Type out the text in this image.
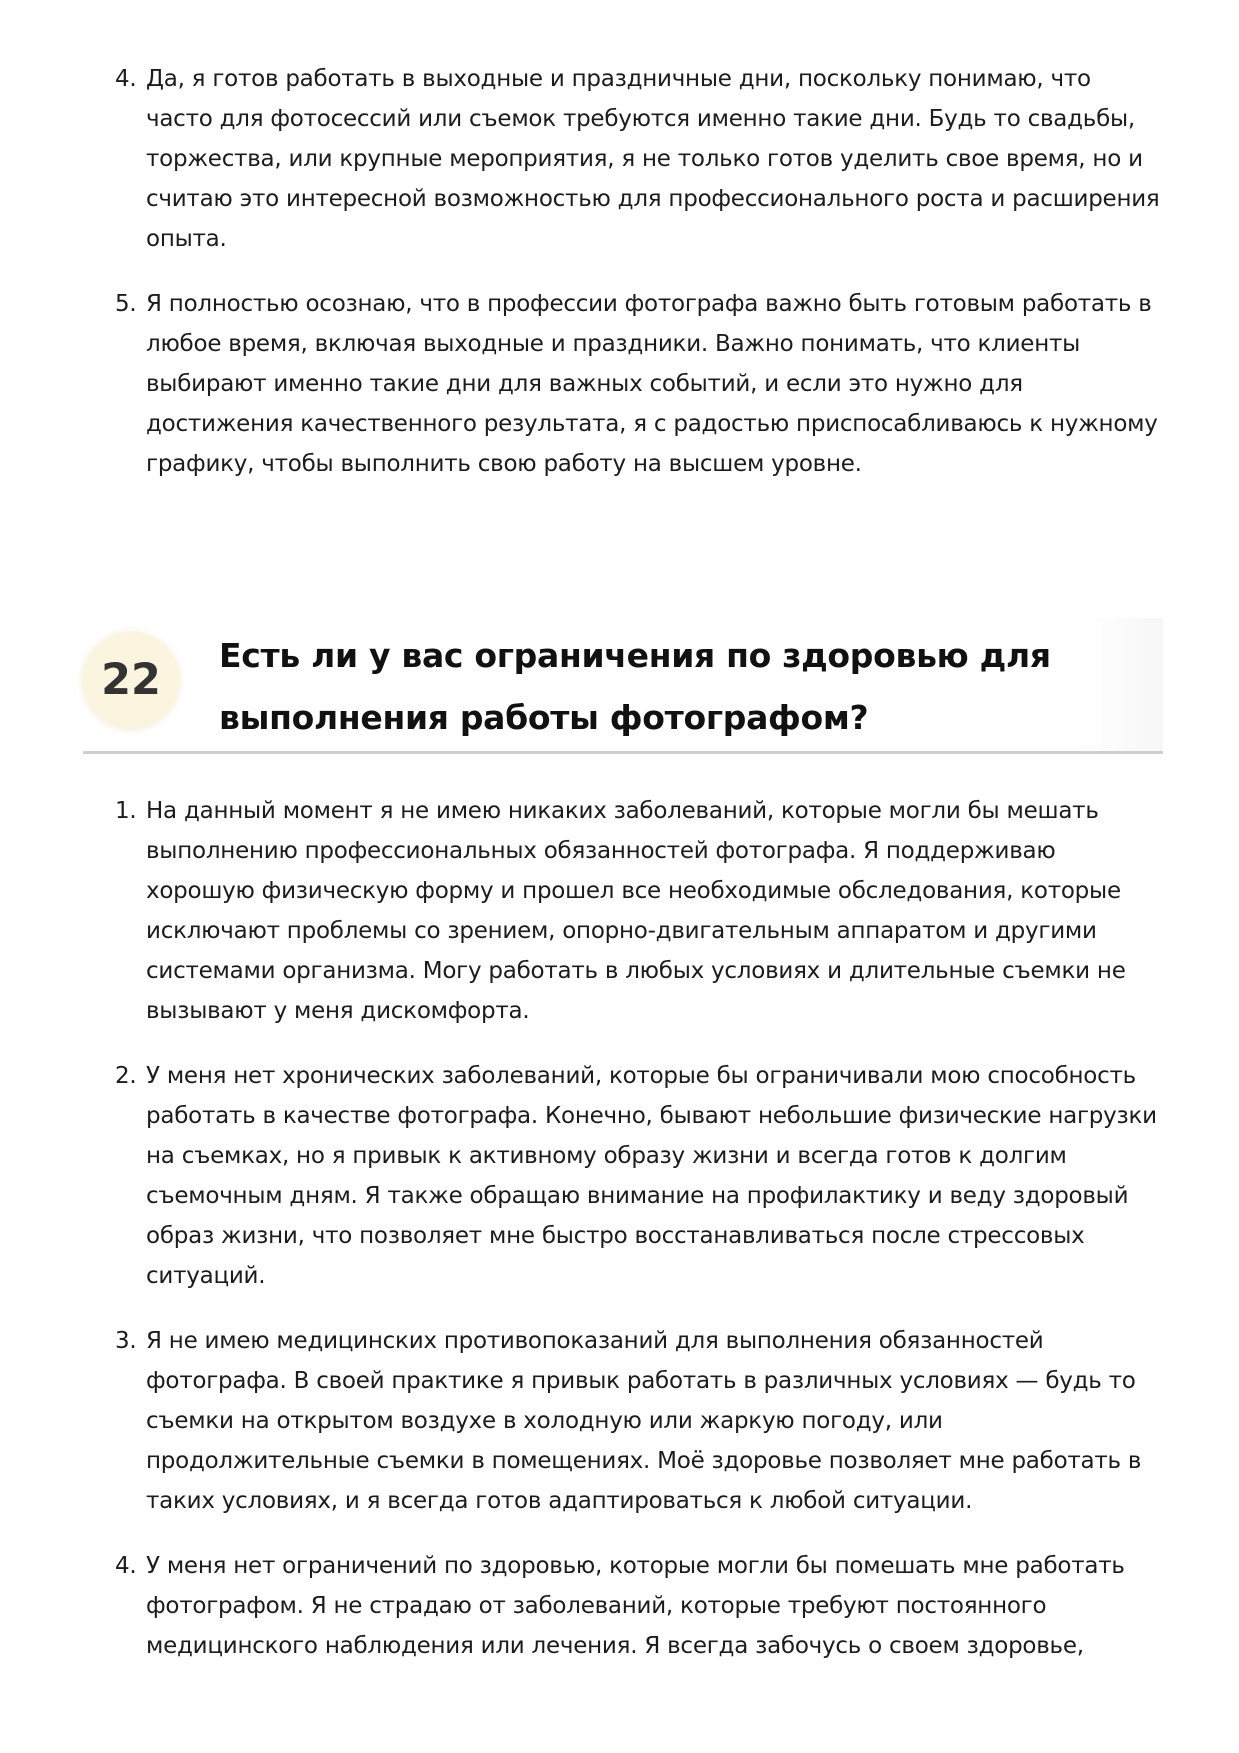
4. Да, я готов работать в выходные и праздничные дни, поскольку понимаю, что часто для фотосессий или съемок требуются именно такие дни. Будь то свадьбы, торжества, или крупные мероприятия, я не только готов уделить свое время, но и считаю это интересной возможностью для профессионального роста и расширения опыта.
5. Я полностью осознаю, что в профессии фотографа важно быть готовым работать в любое время, включая выходные и праздники. Важно понимать, что клиенты выбирают именно такие дни для важных событий, и если это нужно для достижения качественного результата, я с радостью приспосабливаюсь к нужному графику, чтобы выполнить свою работу на высшем уровне.
22	Есть ли у вас ограничения по здоровью для выполнения работы фотографом?
1. На данный момент я не имею никаких заболеваний, которые могли бы мешать выполнению профессиональных обязанностей фотографа. Я поддерживаю хорошую физическую форму и прошел все необходимые обследования, которые исключают проблемы со зрением, опорно-двигательным аппаратом и другими системами организма. Могу работать в любых условиях и длительные съемки не вызывают у меня дискомфорта.
2. У меня нет хронических заболеваний, которые бы ограничивали мою способность работать в качестве фотографа. Конечно, бывают небольшие физические нагрузки на съемках, но я привык к активному образу жизни и всегда готов к долгим съемочным дням. Я также обращаю внимание на профилактику и веду здоровый образ жизни, что позволяет мне быстро восстанавливаться после стрессовых ситуаций.
3. Я не имею медицинских противопоказаний для выполнения обязанностей фотографа. В своей практике я привык работать в различных условиях — будь то съемки на открытом воздухе в холодную или жаркую погоду, или продолжительные съемки в помещениях. Моё здоровье позволяет мне работать в таких условиях, и я всегда готов адаптироваться к любой ситуации.
4. У меня нет ограничений по здоровью, которые могли бы помешать мне работать фотографом. Я не страдаю от заболеваний, которые требуют постоянного медицинского наблюдения или лечения. Я всегда забочусь о своем здоровье,
